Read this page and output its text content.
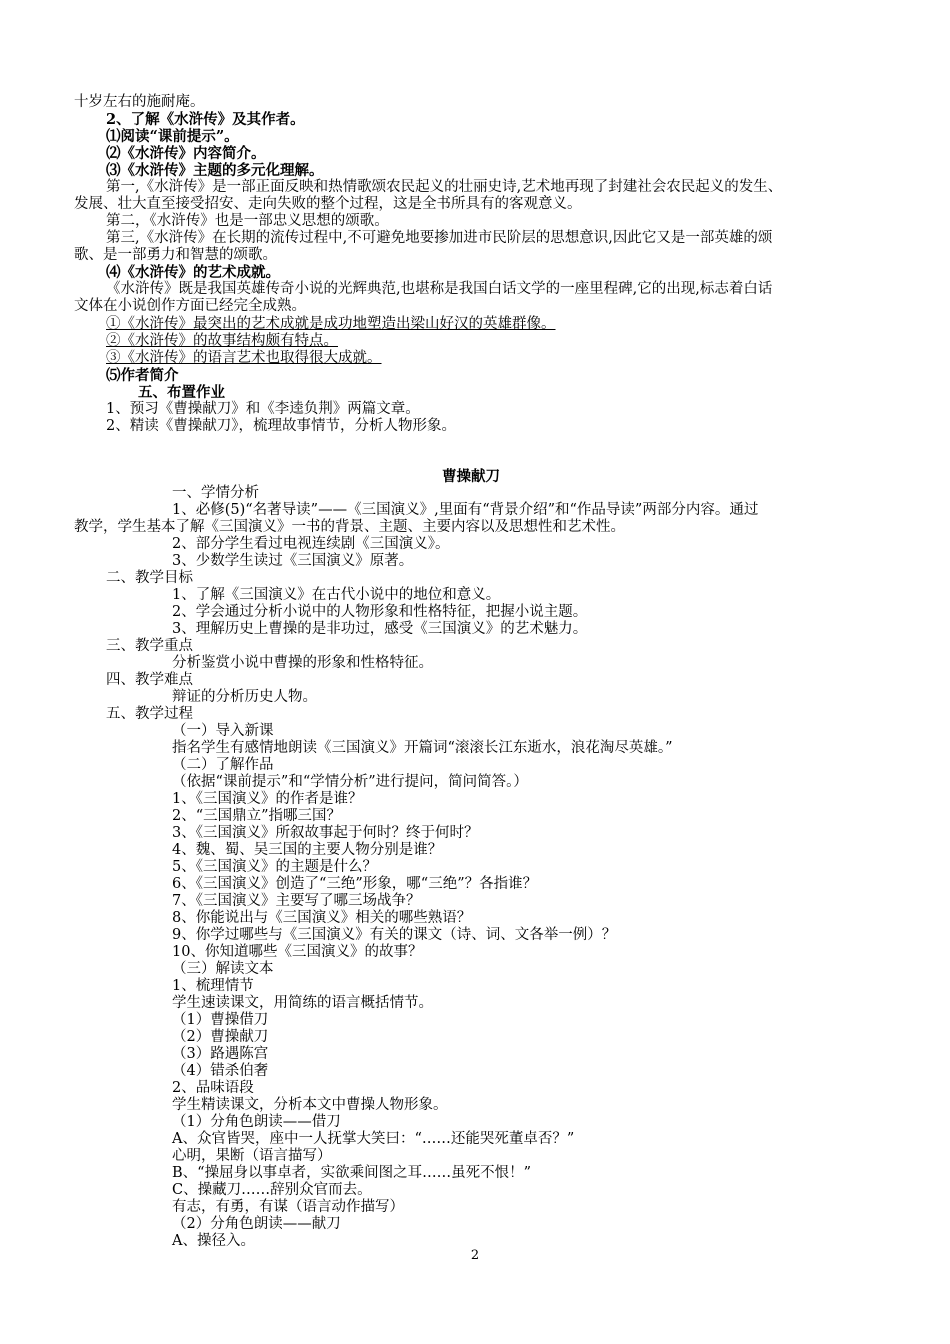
十岁左右的施耐庵。
2、了解《水浒传》及其作者。
⑴阅读“课前提示”。
⑵《水浒传》内容简介。
⑶《水浒传》主题的多元化理解。
第一,《水浒传》是一部正面反映和热情歌颂农民起义的壮丽史诗,艺术地再现了封建社会农民起义的发生、
发展、壮大直至接受招安、走向失败的整个过程，这是全书所具有的客观意义。
第二，《水浒传》也是一部忠义思想的颂歌。
第三,《水浒传》在长期的流传过程中,不可避免地要掺加进市民阶层的思想意识,因此它又是一部英雄的颂
歌、是一部勇力和智慧的颂歌。
⑷《水浒传》的艺术成就。
《水浒传》既是我国英雄传奇小说的光辉典范,也堪称是我国白话文学的一座里程碑,它的出现,标志着白话
文体在小说创作方面已经完全成熟。
①《水浒传》最突出的艺术成就是成功地塑造出梁山好汉的英雄群像。
②《水浒传》的故事结构颇有特点。
③《水浒传》的语言艺术也取得很大成就。
⑸作者简介
五、布置作业
1、预习《曹操献刀》和《李逵负荆》两篇文章。
2、精读《曹操献刀》，梳理故事情节，分析人物形象。
曹操献刀
一、学情分析
1、必修(5)“名著导读”——《三国演义》,里面有“背景介绍”和“作品导读”两部分内容。通过
教学，学生基本了解《三国演义》一书的背景、主题、主要内容以及思想性和艺术性。
2、部分学生看过电视连续剧《三国演义》。
3、少数学生读过《三国演义》原著。
二、教学目标
1、了解《三国演义》在古代小说中的地位和意义。
2、学会通过分析小说中的人物形象和性格特征，把握小说主题。
3、理解历史上曹操的是非功过，感受《三国演义》的艺术魅力。
三、教学重点
分析鉴赏小说中曹操的形象和性格特征。
四、教学难点
辩证的分析历史人物。
五、教学过程
（一）导入新课
指名学生有感情地朗读《三国演义》开篇词“滚滚长江东逝水，浪花淘尽英雄。”
（二）了解作品
（依据“课前提示”和“学情分析”进行提问，简问简答。）
1、《三国演义》的作者是谁？
2、“三国鼎立”指哪三国？
3、《三国演义》所叙故事起于何时？终于何时？
4、魏、蜀、吴三国的主要人物分别是谁？
5、《三国演义》的主题是什么？
6、《三国演义》创造了“三绝”形象，哪“三绝”？各指谁？
7、《三国演义》主要写了哪三场战争？
8、你能说出与《三国演义》相关的哪些熟语？
9、你学过哪些与《三国演义》有关的课文（诗、词、文各举一例）？
10、你知道哪些《三国演义》的故事？
（三）解读文本
1、梳理情节
学生速读课文，用简练的语言概括情节。
（1）曹操借刀
（2）曹操献刀
（3）路遇陈宫
（4）错杀伯奢
2、品味语段
学生精读课文，分析本文中曹操人物形象。
（1）分角色朗读——借刀
A、众官皆哭，座中一人抚掌大笑曰：“……还能哭死董卓否？”
心明，果断（语言描写）
B、“操屈身以事卓者，实欲乘间图之耳……虽死不恨！”
C、操藏刀……辞别众官而去。
有志，有勇，有谋（语言动作描写）
（2）分角色朗读——献刀
A、操径入。
2
